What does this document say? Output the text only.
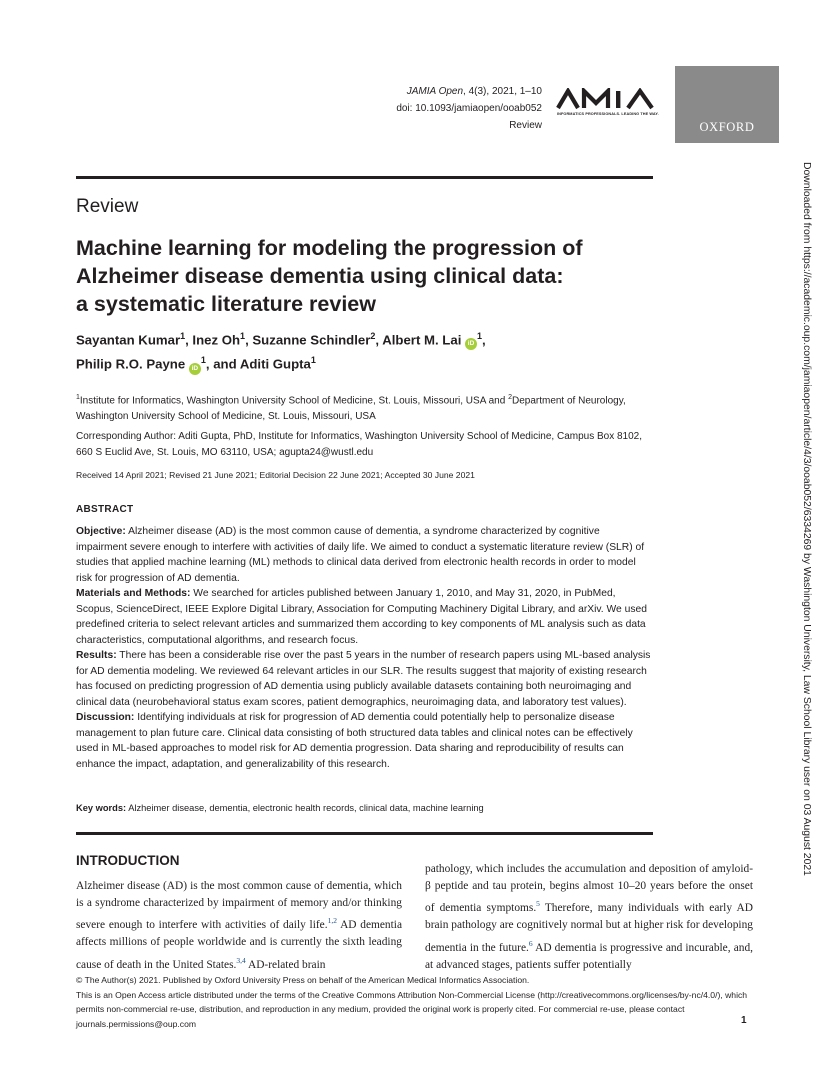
JAMIA Open, 4(3), 2021, 1–10
doi: 10.1093/jamiaopen/ooab052
Review
INFORMATICS PROFESSIONALS. LEADING THE WAY.
OXFORD
Review
Machine learning for modeling the progression of
Alzheimer disease dementia using clinical data:
a systematic literature review
Sayantan Kumar$^1$, Inez Oh$^1$, Suzanne Schindler$^2$, Albert M. Lai $iD^1$,
Philip R.O. Payne $iD^1$, and Aditi Gupta$^1$
$^1$Institute for Informatics, Washington University School of Medicine, St. Louis, Missouri, USA and $^2$Department of Neurology, Washington University School of Medicine, St. Louis, Missouri, USA
Corresponding Author: Aditi Gupta, PhD, Institute for Informatics, Washington University School of Medicine, Campus Box 8102, 660 S Euclid Ave, St. Louis, MO 63110, USA; agupta24@wustl.edu
Received 14 April 2021; Revised 21 June 2021; Editorial Decision 22 June 2021; Accepted 30 June 2021
ABSTRACT
Objective: Alzheimer disease (AD) is the most common cause of dementia, a syndrome characterized by cognitive impairment severe enough to interfere with activities of daily life. We aimed to conduct a systematic literature review (SLR) of studies that applied machine learning (ML) methods to clinical data derived from electronic health records in order to model risk for progression of AD dementia.
Materials and Methods: We searched for articles published between January 1, 2010, and May 31, 2020, in PubMed, Scopus, ScienceDirect, IEEE Explore Digital Library, Association for Computing Machinery Digital Library, and arXiv. We used predefined criteria to select relevant articles and summarized them according to key components of ML analysis such as data characteristics, computational algorithms, and research focus.
Results: There has been a considerable rise over the past 5 years in the number of research papers using ML-based analysis for AD dementia modeling. We reviewed 64 relevant articles in our SLR. The results suggest that majority of existing research has focused on predicting progression of AD dementia using publicly available datasets containing both neuroimaging and clinical data (neurobehavioral status exam scores, patient demographics, neuroimaging data, and laboratory test values).
Discussion: Identifying individuals at risk for progression of AD dementia could potentially help to personalize disease management to plan future care. Clinical data consisting of both structured data tables and clinical notes can be effectively used in ML-based approaches to model risk for AD dementia progression. Data sharing and reproducibility of results can enhance the impact, adaptation, and generalizability of this research.
Key words: Alzheimer disease, dementia, electronic health records, clinical data, machine learning
INTRODUCTION
Alzheimer disease (AD) is the most common cause of dementia, which is a syndrome characterized by impairment of memory and/or thinking severe enough to interfere with activities of daily life.$^{1,2}$ AD dementia affects millions of people worldwide and is currently the sixth leading cause of death in the United States.$^{3,4}$ AD-related brain
pathology, which includes the accumulation and deposition of amyloid-β peptide and tau protein, begins almost 10–20 years before the onset of dementia symptoms.$^5$ Therefore, many individuals with early AD brain pathology are cognitively normal but at higher risk for developing dementia in the future.$^6$ AD dementia is progressive and incurable, and, at advanced stages, patients suffer potentially
© The Author(s) 2021. Published by Oxford University Press on behalf of the American Medical Informatics Association.
This is an Open Access article distributed under the terms of the Creative Commons Attribution Non-Commercial License (http://creativecommons.org/licenses/by-nc/4.0/), which permits non-commercial re-use, distribution, and reproduction in any medium, provided the original work is properly cited. For commercial re-use, please contact journals.permissions@oup.com	1
Downloaded from https://academic.oup.com/jamiaopen/article/4/3/ooab052/6334269 by Washington University, Law School Library user on 03 August 2021
